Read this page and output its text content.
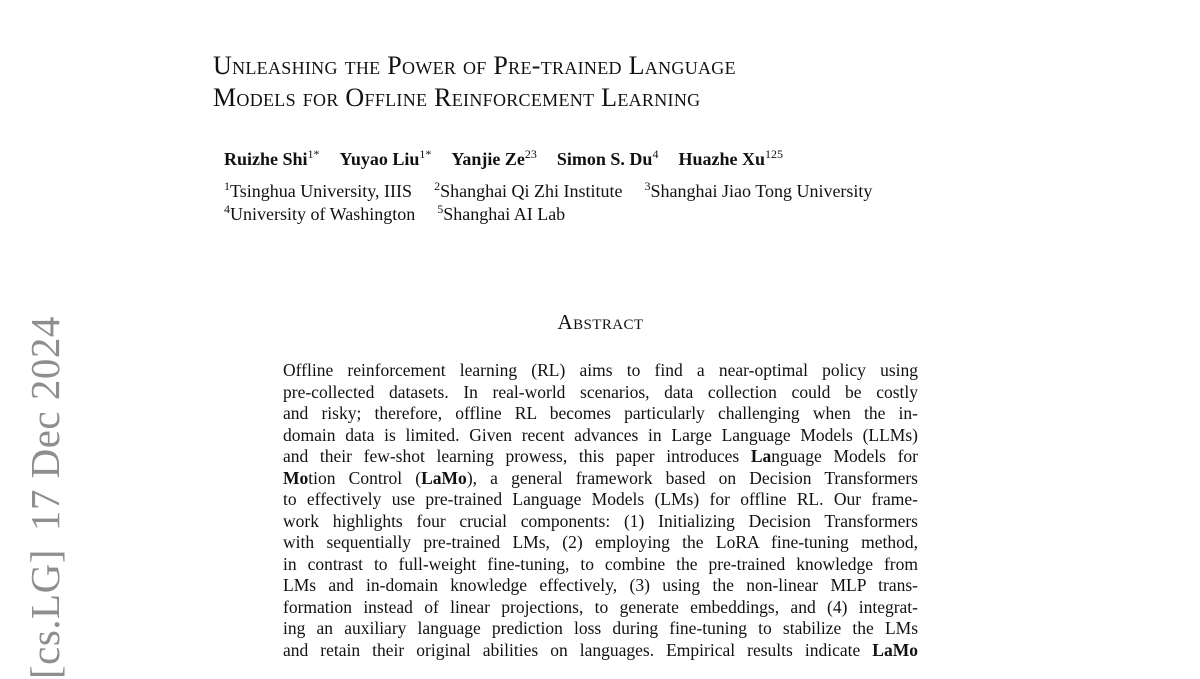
[cs.LG]17 Dec 2024
Unleashing the Power of Pre-trained Language
Models for Offline Reinforcement Learning
Ruizhe Shi$^{1*}$ Yuyao Liu$^{1*}$ Yanjie Ze$^{23}$ Simon S. Du$^4$ Huazhe Xu$^{125}$
$^1$Tsinghua University, IIIS $^2$Shanghai Qi Zhi Institute $^3$Shanghai Jiao Tong University
$^4$University of Washington $^5$Shanghai AI Lab
Abstract
Offline reinforcement learning (RL) aims to find a near-optimal policy using
pre-collected datasets. In real-world scenarios, data collection could be costly
and risky; therefore, offline RL becomes particularly challenging when the in-
domain data is limited. Given recent advances in Large Language Models (LLMs)
and their few-shot learning prowess, this paper introduces Language Models for
Motion Control (LaMo), a general framework based on Decision Transformers
to effectively use pre-trained Language Models (LMs) for offline RL. Our frame-
work highlights four crucial components: (1) Initializing Decision Transformers
with sequentially pre-trained LMs, (2) employing the LoRA fine-tuning method,
in contrast to full-weight fine-tuning, to combine the pre-trained knowledge from
LMs and in-domain knowledge effectively, (3) using the non-linear MLP trans-
formation instead of linear projections, to generate embeddings, and (4) integrat-
ing an auxiliary language prediction loss during fine-tuning to stabilize the LMs
and retain their original abilities on languages. Empirical results indicate LaMo
